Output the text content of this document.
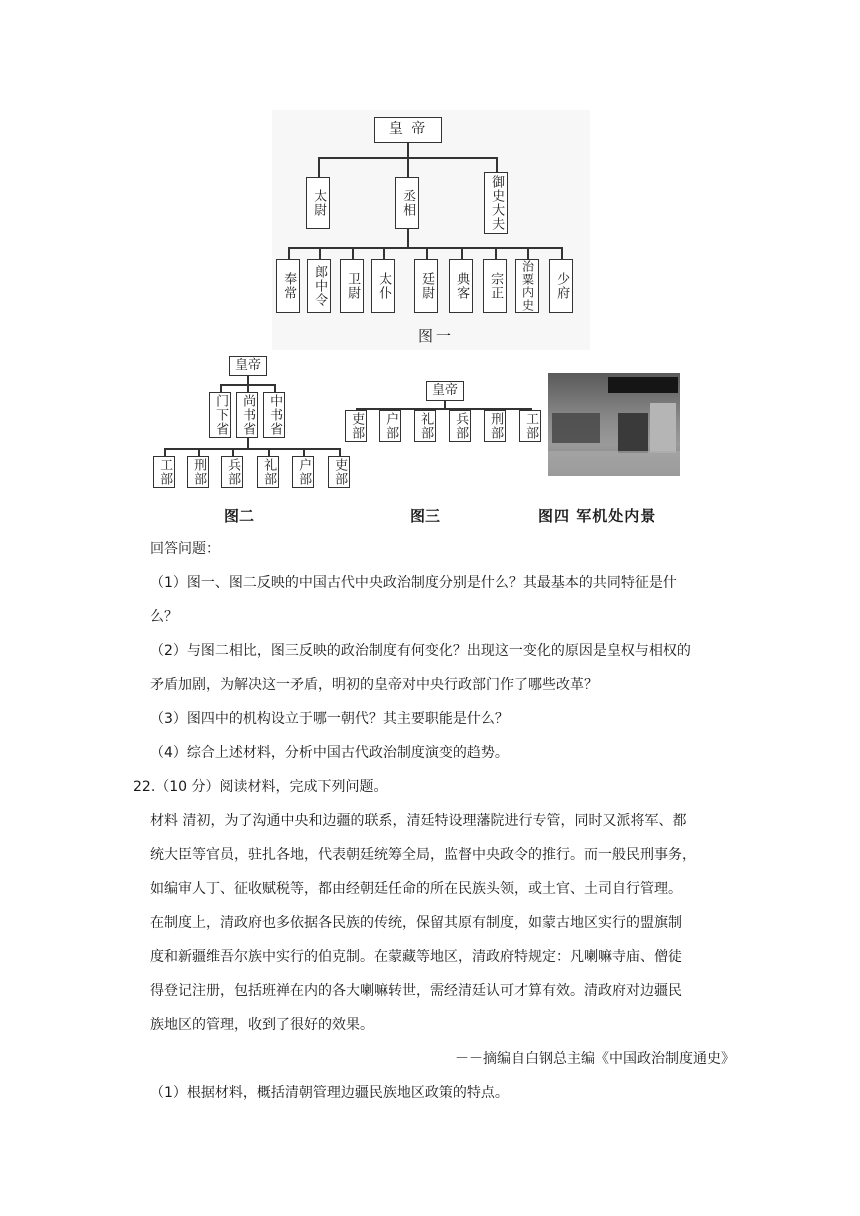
皇 帝
太尉	丞相	御史大夫
奉常	郎中令	卫尉	太仆	廷尉	典客	宗正	治粟内史	少府
图一
皇帝
门下省 尚书省 中书省
工部	刑部	兵部	礼部	户部	吏部
图二
皇帝
吏部	户部	礼部	兵部	刑部	工部
图三	图四 军机处内景
回答问题：
（1）图一、图二反映的中国古代中央政治制度分别是什么？其最基本的共同特征是什
么？
（2）与图二相比，图三反映的政治制度有何变化？出现这一变化的原因是皇权与相权的
矛盾加剧，为解决这一矛盾，明初的皇帝对中央行政部门作了哪些改革？
（3）图四中的机构设立于哪一朝代？其主要职能是什么？
（4）综合上述材料，分析中国古代政治制度演变的趋势。
22.（10 分）阅读材料，完成下列问题。
材料 清初，为了沟通中央和边疆的联系，清廷特设理藩院进行专管，同时又派将军、都
统大臣等官员，驻扎各地，代表朝廷统筹全局，监督中央政令的推行。而一般民刑事务，
如编审人丁、征收赋税等，都由经朝廷任命的所在民族头领，或土官、土司自行管理。
在制度上，清政府也多依据各民族的传统，保留其原有制度，如蒙古地区实行的盟旗制
度和新疆维吾尔族中实行的伯克制。在蒙藏等地区，清政府特规定：凡喇嘛寺庙、僧徒
得登记注册，包括班禅在内的各大喇嘛转世，需经清廷认可才算有效。清政府对边疆民
族地区的管理，收到了很好的效果。
－－摘编自白钢总主编《中国政治制度通史》
（1）根据材料，概括清朝管理边疆民族地区政策的特点。
